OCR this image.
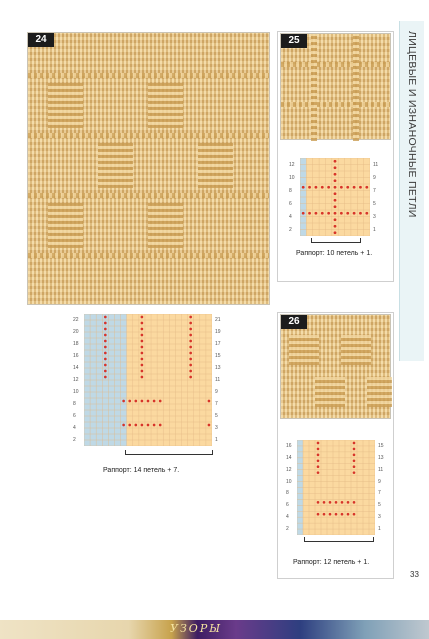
ЛИЦЕВЫЕ И ИЗНАНОЧНЫЕ ПЕТЛИ
24	25
12
10
8
6
4
2
11
9
7
5
3
1
Раппорт: 10 петель + 1.
22
20
18
16
14
12
10
8
6
4
2
21
19
17
15
13
11
9
7
5
3
1
Раппорт: 14 петель + 7.
26
16
14
12
10
8
6
4
2
15
13
11
9
7
5
3
1
Раппорт: 12 петель + 1.
33
УЗОРЫ
